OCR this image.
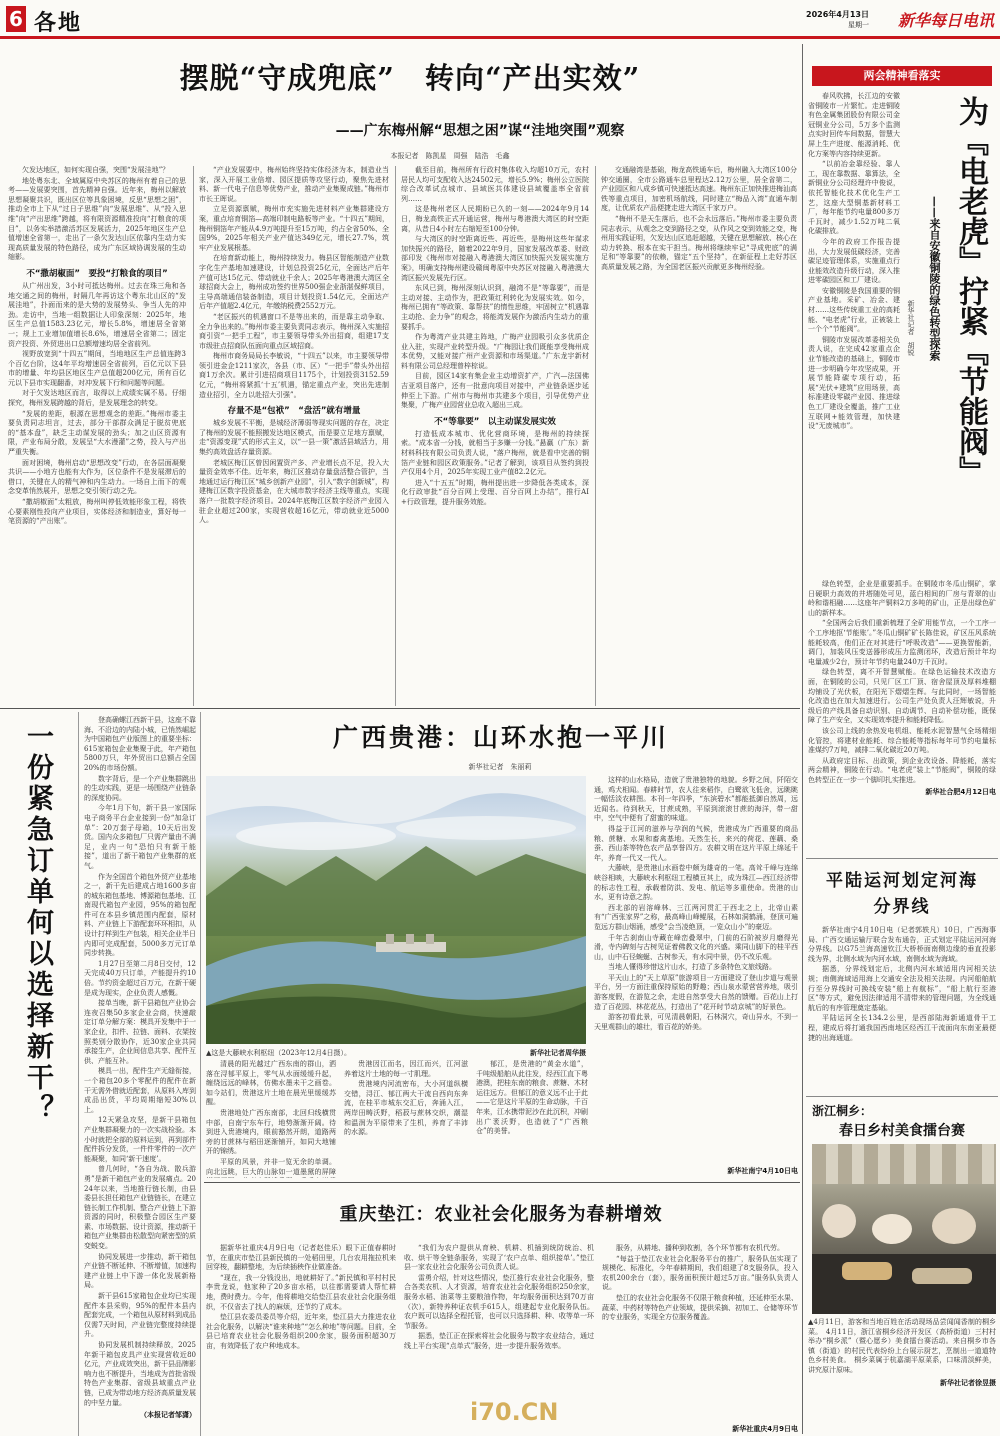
6 各地	2026年4月13日
星期一 新华每日电讯
摆脱“守成兜底”　转向“产出实效”
——广东梅州解“思想之困”谋“洼地突围”观察
本报记者　陈凯星　周强　陆浩　毛鑫

欠发达地区，如何实现自强，突围“发展洼地”？

地处粤东北、全域属原中央苏区的梅州有着自己的思考——发展要突围，首先精神自强。近年来，梅州以解放思想凝聚共识，既出区位等具象困境，反思“思想之困”，推动全市上下从“过日子思维”向“发展思维”、从“投入思维”向“产出思维”跨越，将有限资源精准投向“打粮食的项目”，以务实举措激活苏区发展活力，2025年地区生产总值增速全省第一，走出了一条欠发达山区依靠内生动力实现高质量发展的特色路径，成为广东区域协调发展的生动缩影。

不“撒胡椒面”　要投“打粮食的项目”

从广州出发，3小时可抵达梅州。过去在珠三角和各地交通之间的梅州，时隔几年再访这个粤东北山区的“发展洼地”，扑面而来的是大势的发展势头、争当人先的冲劲。走访中，当地一组数据让人印象深刻：2025年，地区生产总值1583.23亿元，增长5.8%，增速居全省第一；规上工业增加值增长8.6%，增速居全省第二；固定资产投资、外贸进出口总额增速均居全省前列。

视野放宽到“十四五”期间，当地地区生产总值连跨3个百亿台阶，这4年平均增速居全省前列，百亿元以下县市的增量、年均县区地区生产总值超200亿元，所有百亿元以下县市实现翻番，对冲发展下行和问题等问题。

对于欠发达地区而言，取得以上成绩实属不易。仔细探究，梅州发展跨越的背后，是发展理念的转变。

“发展的差距，根源在思想观念的差距。”梅州市委主要负责同志坦言，过去，部分干部群众满足于脱贫兜底的“基本盘”，缺乏主动谋发展的劲头；加之山区资源有限，产业布局分散，发展呈“大水漫灌”之势，投入与产出严重失衡。

面对困境，梅州启动“思想改变”行动，在各层面凝聚共识——小地方也能有大作为，区位条件不是发展滞后的借口，关键在人的精气神和内生动力。一场自上而下的观念变革悄然展开，思想之变引领行动之先。

“撒胡椒面”太粗放，梅州叫停低效能形象工程，将铁心要素刚性投向产业项目，实体经济和制造业，算好每一笔资源的“产出账”。

“产业发展要中，梅州始终坚持实体经济为本，制造业当家，深入开展工业倍增、园区提质等攻坚行动，聚焦先进材料、新一代电子信息等优势产业，推动产业集聚成链。”梅州市市长王晖说。

立足资源禀赋，梅州市充实施先进材料产业集群建设方案，重点培育铜箔—高端印制电路板等产业。“十四五”期间，梅州铜箔年产能从4.9万吨提升至15万吨，约占全省50%、全国9%，2025年相关产业产值达349亿元，增长27.7%，筑牢产业发展根基。

在培育新动能上，梅州持续发力。梅县区智能制造产业数字化生产基地加速建设，计划总投资25亿元，全面达产后年产值可达15亿元、带动就业千余人；2025年粤港澳大湾区全球招商大会上，梅州成功签约世界500强企业浙湛保鲜项目，主导高端通信装备制造，项目计划投资1.54亿元，全面达产后年产值超2.4亿元，年缴纳税费2552万元。

“老区振兴的机遇窗口不是等出来的，而是靠主动争取、全力争出来的。”梅州市委主要负责同志表示，梅州深入实施招商引资“一把手工程”，市主要领导带头外出招商，组建17支市级驻点招商队伍面向重点区域招商。

梅州市商务局局长李敏说，“十四五”以来，市主要领导带领引进金企1211家次，各县（市、区）“一把手”带头外出招商1万余次。累计引进招商项目1175个，计划投资3152.59亿元，“梅州将紧抓‘十五’机遇，锚定重点产业，突出先进制造业招引，全力以赴招大引强”。

存量不是“包袱”　“盘活”就有增量

城乡发展不平衡，是城经济薄弱等现实问题的存在，决定了梅州的发展不能照搬发达地区模式，而是要立足地方禀赋，走“资源变现”式的形式主义，以“一县一策”激活县域活力，用集约高效盘活存量资源。

老城区梅江区曾因闲置资产多、产业增长点不足，投入大量资金效率不佳。近年来，梅江区推动存量盘活整合管护，当地通过运行梅江区“城乡创新产业园”，引入“数字创新城”，构建梅江区数字投资基金，在大城市数字经济主线等重点，实现落户一批数字经济项目。2024年底梅江区数字经济产业园入驻企业超过200家，实现营收超16亿元，带动就业近5000人。

截至目前，梅州所有行政村集体收入均超10万元，农村居民人均可支配收入达24502元，增长5.9%；梅州公立医院综合改革试点城市、县域医共体建设县域覆盖率全省前列……

这是梅州老区人民期盼已久的一刻——2024年9月14日，梅龙高铁正式开通运营，梅州与粤港澳大湾区的时空距离，从昔日4小时左右缩短至100分钟。

与大湾区的时空距离近些、再近些，是梅州这些年谋求加快振兴的路径，随着2022年9月，国家发展改革委、财政部印发《梅州市对接融入粤港澳大湾区加快振兴发展实施方案》，明确支持梅州建设赣闽粤原中央苏区对接融入粤港澳大湾区振兴发展先行区。

东风已到，梅州深刻认识到，融湾不是“等靠要”，而是主动对接、主动作为，把政策红利转化为发展实效。如今，梅州已拥有“等政策、靠帮扶”的惰性思维，牢固树立“机遇靠主动抢、企力争”的观念，将能湾发展作为激活内生动力的重要抓手。

作为粤湾产业共建主阵地，广梅产业园吸引众多优质企业入驻，实现产业转型升级。“广梅园让我们既能享受梅州成本优势，又能对接广州产业资源和市场渠道。”广东龙宇新材料有限公司总经理曾梓棕说。

目前，园区14家有集企业主动增资扩产，广汽—法国佛吉亚项目落户，还有一批意向项目对接中，产业链条逐步延伸至上下游。广州市与梅州市共建多个项目，引导优势产业集聚，广梅产业园营业总收入超出三成。

不“等靠要”　以主动谋发展实效

打造低成本城市、优化营商环境，是梅州的持续探索。“成本省一分钱，就相当于多赚一分钱。”悬赢（广东）新材料科技有限公司负责人说，“落户梅州，就是看中完善的铜箔产业链和园区政策服务。”记者了解到，该项目从签约到投产仅用4个月，2025年实现工业产值82.2亿元。

进入“十五五”时期，梅州提出进一步降低各类成本，深化行政审批“百分百网上受理、百分百网上办结”，推行AI+行政管理，提升服务效能。

交通融湾是基础，梅龙高铁通车后，梅州融入大湾区100分钟交通圈，全市公路通车总里程达2.12万公里，居全省第二，产业园区和八成乡镇可快速抵达高速。梅州东正加快推进梅汕高铁等重点项目，加密机场航线，同时建立“梅品入湾”直通车制度，让优质农产品便捷走进大湾区千家万户。

“梅州不是天生落后，也不会永远落后。”梅州市委主要负责同志表示，从观念之变到路径之变，从作风之变到效能之变，梅州用实践证明，欠发达山区追赶超越，关键在思想解放、核心在动力转换、根本在实干担当。梅州将继续牢记“寻成兜底”的满足和“等靠要”的依赖，锚定“五个坚持”，在新征程上走好苏区高质量发展之路，为全国老区振兴贡献更多梅州经验。

两会精神看落实

春风吹拂，长江边的安徽省铜陵市一片繁忙。走进铜陵有色金属集团股份有限公司金冠铜业分公司，5万多个监测点实时回传车间数据，智慧大屏上生产进度、能源消耗、优化方案等内容持续更新。

“以前冶金靠经验、靠人工，现在靠数据、靠算法，全新铜业分公司经理许中俊说，依托智能化技术优化生产工艺，这座大型铜基新材料工厂，每年能节约电量800多万千瓦时，减少1.52万吨二氧化碳排放。

今年的政府工作报告提出，大力发展低碳经济，完善碳足迹管理体系，实施重点行业能效改造升级行动，深入推进零碳园区和工厂建设。

安徽铜陵是我国重要的铜产业基地。采矿、冶金、建材……这些传统重工业的高耗能、“电老虎”行业，正被装上一个个“节能阀”。

铜陵市发展改革委相关负责人说，在完成42家重点企业节能改造的基础上，铜陵市进一步明确今年攻坚成果，开展节能降碳专项行动，拓展“光伏+建筑”应用场景，高标准建设零碳产业园、推进绿色工厂建设全覆盖，推广工业互联网+能效管理，加快建设“无废城市”。	为『电老虎』拧紧『节能阀』
——来自安徽铜陵的绿色转型探索
新华社记者　胡锐

绿色转型，企业是重要抓手。在铜陵市冬瓜山铜矿，掌日硬职力高效的井塔随处可见，蓝白相间的厂房与青翠的山岭和谐相融……这座年产铜料2万多吨的矿山，正是出绿色矿山的新样本。

“全国两会后我们重新梳理了全矿用能节点，一个工序一个工序地抠‘节能账’。”冬瓜山铜矿矿长陈佳说，矿区压风系统能耗较高，他们正在对其进行“呼吸改造”——更换智能新，调门，加装风压变送器形成压力监测闭环，改造后预计年均电量减少2台，预计年节约电量240万千瓦时。

绿色转型，离不开智慧赋能。在绿色运输技术改造方面，在铜陵的公司，只见厂区工厂顶、宿舍屋顶及厚料堆棚均铺设了光伏板，在阳光下熠熠生辉。与此同时，一场智能化改造也在加大加速进行。公司生产处负责人汪辉敏说，升级后的产线具备自动识别、自动调节、自动补偿功能，既保障了生产安全，又实现效率提升和能耗降低。

该公司上线的余热发电机组、能耗水泥智慧气全场精细化管控，将建材业能耗、综合能耗等指标每年可节约电量标准煤约7万吨，减排二氧化碳近20万吨。

从政府定目标、出政策，到企业改设备、降能耗，落实两会精神，铜陵在行动。“电老虎”装上“节能阀”，铜陵的绿色转型正在一步一个脚印扎实推进。

新华社合肥4月12日电
平陆运河划定河海分界线

新华社南宁4月10日电（记者郭轶凡）10日，广西海事局、广西交通运输厅联合发布通告，正式划定平陆运河河海分界线。以G75兰海高速钦江大桥桥面南侧边缘的垂直投影线为界，北侧水域为内河水域，南侧水域为海域。

据悉，分界线划定后，北侧内河水域适用内河相关法规；南侧海域适用海上交通安全法及相关法规。内河船舶航行至分界线时可换线安装“船上有航标”，“船上航行至港区”等方式，避免因法律适用不清带来的管理问题，为全线通航后的有序管理奠定基础。

平陆运河全长134.2公里，是西部陆海新通道骨干工程，建成后将打通我国西南地区经西江干流面向东南亚最便捷的出海通道。

浙江桐乡：
春日乡村美食擂台赛

▲4月11日，游客和当地百姓在活动现场品尝闻闻香制的桐乡菜。　4月11日，浙江省桐乡经济开发区（高桥街道）三村村举办“桐乡派”（暨心愿乡）美食擂台赛活动。来自桐乡市各镇（街道）的村民代表纷纷上台展示厨艺，烹制出一道道特色乡村美食。　桐乡菜属于杭嘉湖平原菜系，口味清淡鲜美，讲究原汁原味。

新华社记者徐昱摄
一份紧急订单何以选择新干？

登高确螺江西新干县，这座不靠海、不沿边的内陆小城，已悄然崛起为中国箱包产业版图上的重要坐标：615家箱包企业集聚于此，年产箱包5800万只，年外贸出口总额占全国20%的市场份额。

数字背后，是一个产业集群跳出的生动实践，更是一场围绕产业链条的深度协同。

今年1月下旬，新干县一家国际电子商务平台企业接到一份“加急订单”：20万套子母箱，10天后出发货。国内众多箱包厂只需产量由不满足，业内一句“恐怕只有新干能接”，道出了新干箱包产业集群的底气。

作为全国首个箱包外贸产业基地之一，新干先后建成占地1600多亩的城东箱包基地、博源箱包基地、江南现代箱包产业园，95%的箱包配件可在本县乡镇范围内配套，原材料、产业链上下游配套环环相扣，从设计打样到生产包装，相关企业半日内即可完成配套，5000多万元订单同步转换。

1月27日至第二月8日交付，12天完成40万只订单，产能提升约10倍。节约资金超过百万元，在新干硬是成为现实，企业负责人感慨。

接单当晚，新干县箱包产业协会连夜召集50多家企业会商，快速敲定订单分解方案：模具开发集中于一家企业，扣件、拉链、面料、衣架按照类别分散协作，近30家企业共同承接生产，企业间信息共享、配件互供、产能互补。

模具一出，配件生产无缝衔接，一个箱包20多个零配件的配件在新干无需外借就近配套，从原料入库到成品出货，平均周期缩短30%以上。

12天紧急攻坚，是新干县箱包产业集群凝聚力的一次实战检验。本小时就把全部的原料运到，再到部件配件拆分发货，一件件零件的一次产能凝聚，如同‘新干速度’。

曾几何时，“各自为战、散兵游勇”是新干箱包产业的发展痛点。2024年以来，当地推行链长制，由县委县长担任箱包产业链链长，在建立链长制工作机制、整合产业链上下游资源的同时，积极整合园区生产要素、市场数据、设计资源，推动新干箱包产业集群由松散型向紧密型的质变蜕变。

协同发展进一步推动，新干箱包产业链不断延伸、不断增值，加速构建产业链上中下游一体化发展新格局。

新干县615家箱包企业均已实现配件本县采购，95%的配件本县内配套完成，一个箱包从原材料到成品仅需7天时间，产业链完整度持续提升。

协同发展机制持续释放，2025年新干箱包皮具产业实现营收近80亿元，产业成效突出，新干县品牌影响力也不断提升，当地成为首批省级特色产业集群、省级县域重点产业链，已成为带动地方经济高质量发展的中坚力量。

（本报记者邹潇）
广西贵港：山环水抱一平川
新华社记者　朱丽莉
▲这是大藤峡水利枢纽（2023年12月4日摄）。	新华社记者周华摄

这样的山水格局，造就了贵港独特的地貌。乡野之间，阡陌交通，鸡犬相闻。春耕时节，农人往来稻作，白鹭欲飞低舍，远眺眺一幅恬淡农耕图。本刊一年四季，“东滨碧水”都能抵御自然周，远近闻名。待到秋天，甘蔗成熟，平原到滚滚甘蔗的海洋，带一甜中，空气中便有了甜蜜的味道。

得益于江河的滋养与孕润的气候，贵港成为广西重要的商品粮、蔗糖、水果和畜禽基地。天然生长，来兴的荷花、莲藕、桑蚕、西山茶等特色农产品享誉四方。农耕文明在这片平原上绵延千年，养育一代又一代人。

大藤峡，是贵港山水画卷中颇为雄奇的一笔。高耸千峰与连绵峡谷相映，大藤峡水利枢纽工程横亘其上，成为珠江—西江经济带的标志性工程，承载着防洪、发电、航运等多重使命。贵港的山水，更有诗意之韵。

西北部的岩溶峰林、三江两河贯汇于西北之上，北帝山素有“广西张家界”之称，最高峰山峰鲲展，石林如洞鹤涌，登顶可遍览远方群山烟涌，感受“会当凌绝顶，一览众山小”的豪迈。

千年古刹南山寺藏在峰峦叠翠中，门前的石阶被岁月磨得光滑，寺内碑刻与古树见证着佛教文化的兴盛。乘同山脚下的桂平西山，山中石径蜿蜒、古树参天，有水同中景，仍不改乐观。

当地人懂得珍惜这片山水，打造了多条特色文旅线路。

平天山上的“天上草原”旅游项目一方面建设了登山步道与观景平台，另一方面注重保持原始的野趣；西山泉水蒙营营养地，吸引游客度假，在游览之余，走进自然享受大自然的馈赠。百花山上打造了百花园、林花花丛，打造出了“花开时节动京城”的好景色。

游客初看此景，可见清晨朝阳，石林洞穴，奇山异水，不到一天里观群山的雄壮，看百花的娇美。

新华社南宁4月10日电

清晨的阳光越过广西东南的群山，洒落在浔郁平原上，零气从水面缓缓升起，缠绕远远的峰林，仿佛水墨未干之画卷。如今站们，贵港这片土地在晨光里缓缓苏醒。

贵港地处广西东南部，北回归线横贯中部，自南宁东车行，地势渐渐开阔。待到进入贵港境内，眼前豁然开朗，道路两旁的甘蔗林与稻田逐渐铺开，如同大地铺开的锦绣。

平原的风景，并非一览无余的单调。向北远眺，巨大的山脉如一道墨黛的屏障

贵港因江而名，因江而兴，江河滋养着这片土地的每一寸肌理。

贵港境内河流密布，大小河道纵横交错，浔江、郁江两大干流自西向东奔流，在桂平市城东交汇后，奔涌入江，两岸田畴沃野，稻菽与蔗林交织，潮湿和温润为平原带来了生机，养育了丰沛的水源。

郁江，是贵港的“黄金水道”，千吨级船舶从此往发，经西江直下粤港澳，把桂东南的粮食、蔗糖、木材运往远方。但郁江的意义远不止于此——它是这片平原的生命动脉，千百年来，江水携带泥沙在此沉积，冲刷出广袤沃野，也造就了“广西粮仓”的美誉。

重庆垫江：农业社会化服务为春耕增效

据新华社重庆4月9日电（记者赵佳乐）眼下正值春耕时节，在重庆市垫江县新民镇的一处稻田里，几台农用拖拉机来回穿梭，翻耕整地，为后续插秧作业做准备。

“现在，我一分钱没出，地就耕好了。”新民镇和平村村民李贵龙说，他家种了20多亩水稻，以往都需要请人帮忙耕地，费时费力。今年，他将耕地交给垫江县农业社会化服务组织，不仅省去了找人的麻烦，还节约了成本。

垫江县农委员委员等介绍，近年来，垫江县大力推进农业社会化服务，以解决“谁来种地”“怎么种地”等问题。目前，全县已培育农业社会化服务组织200余家，服务面积超30万亩，有效降低了农户种地成本。

“我们为农户提供从育秧、机耕、机插到统防统治、机收、烘干等全链条服务，实现了‘农户点单、组织接单’。”垫江县一家农业社会化服务公司负责人说。

雷勇介绍，针对这些情况，垫江推行农业社会化服务，整合各类农机、人才资源，培育农业社会化服务组织250余家，服务水稻、油菜等主要粮油作物，年均服务面积达到70万亩（次），新特养种证农机手615人，组建起专业化服务队伍。农户既可以选择全程托管，也可以只选择耕、种、收等单一环节服务。

据悉，垫江正在探索将社会化服务与数字农业结合，通过线上平台实现“点单式”服务，进一步提升服务效率。

服务，从耕地、播种到收割，各个环节都有农机代劳。

“每益于垫江农业社会化服务平台的推广，服务队伍实现了规模化、标准化，今年春耕期间，我们组建了8支服务队，投入农机200余台（套），服务面积预计超过5万亩。”服务队负责人说。

垫江的农业社会化服务不仅限于粮食种植，还延伸至水果、蔬菜、中药材等特色产业领域，提供采摘、初加工、仓储等环节的专业服务，实现全方位服务覆盖。

新华社重庆4月9日电
i70.CN
